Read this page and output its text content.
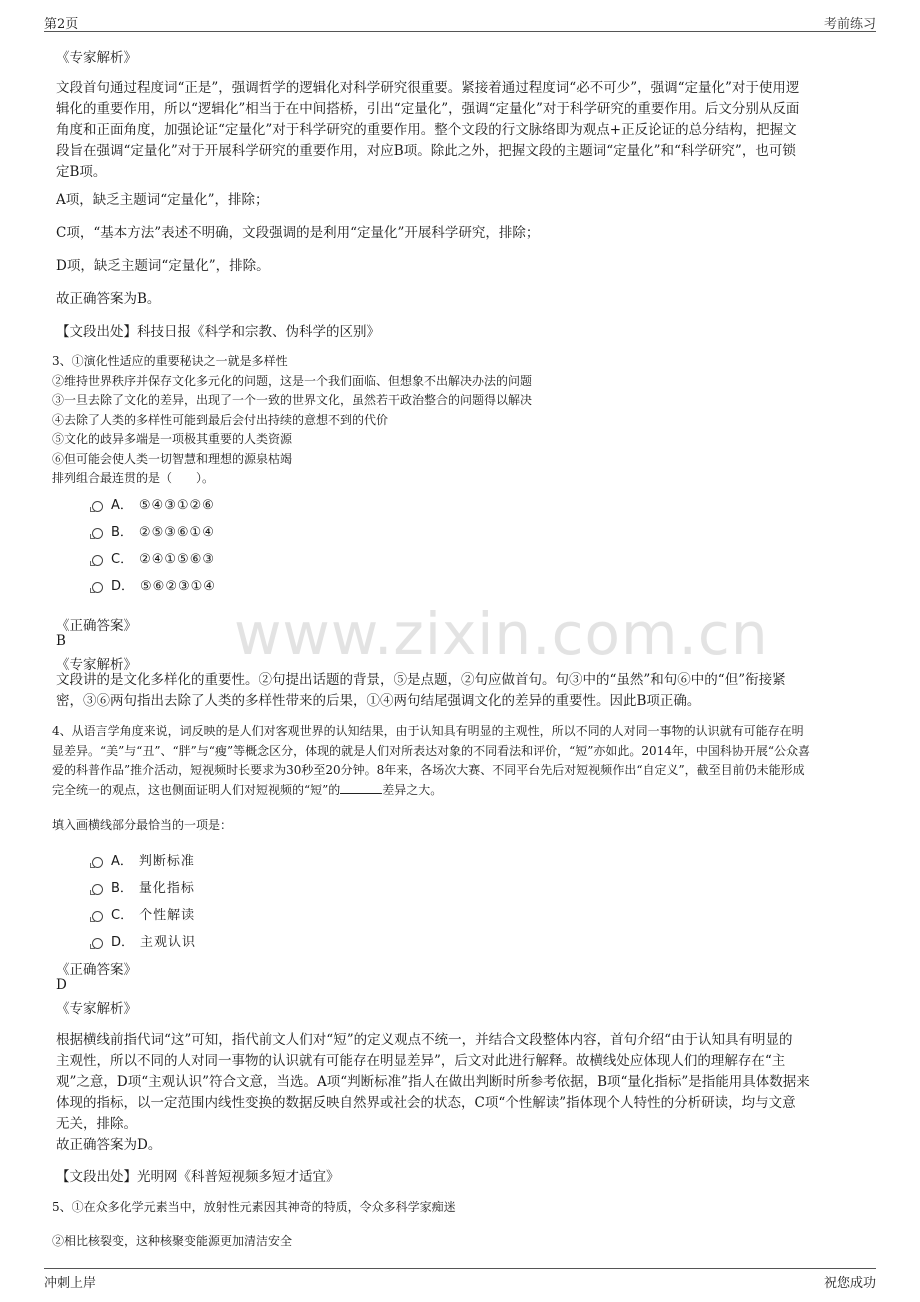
第2页	考前练习
www.zixin.com.cn
《专家解析》
文段首句通过程度词“正是”，强调哲学的逻辑化对科学研究很重要。紧接着通过程度词“必不可少”，强调“定量化”对于使用逻
辑化的重要作用，所以“逻辑化”相当于在中间搭桥，引出“定量化”，强调“定量化”对于科学研究的重要作用。后文分别从反面
角度和正面角度，加强论证“定量化”对于科学研究的重要作用。整个文段的行文脉络即为观点+正反论证的总分结构，把握文
段旨在强调“定量化”对于开展科学研究的重要作用，对应B项。除此之外，把握文段的主题词“定量化”和“科学研究”，也可锁
定B项。
A项，缺乏主题词“定量化”，排除；
C项，“基本方法”表述不明确，文段强调的是利用“定量化”开展科学研究，排除；
D项，缺乏主题词“定量化”，排除。
故正确答案为B。
【文段出处】科技日报《科学和宗教、伪科学的区别》
3、①演化性适应的重要秘诀之一就是多样性
②维持世界秩序并保存文化多元化的问题，这是一个我们面临、但想象不出解决办法的问题
③一旦去除了文化的差异，出现了一个一致的世界文化，虽然若干政治整合的问题得以解决
④去除了人类的多样性可能到最后会付出持续的意想不到的代价
⑤文化的歧异多端是一项极其重要的人类资源
⑥但可能会使人类一切智慧和理想的源泉枯竭
排列组合最连贯的是（　　）。
A． ⑤④③①②⑥
B． ②⑤③⑥①④
C． ②④①⑤⑥③
D． ⑤⑥②③①④
《正确答案》
B
《专家解析》
文段讲的是文化多样化的重要性。②句提出话题的背景，⑤是点题，②句应做首句。句③中的“虽然”和句⑥中的“但”衔接紧
密，③⑥两句指出去除了人类的多样性带来的后果，①④两句结尾强调文化的差异的重要性。因此B项正确。
4、从语言学角度来说，词反映的是人们对客观世界的认知结果，由于认知具有明显的主观性，所以不同的人对同一事物的认识就有可能存在明
显差异。“美”与“丑”、“胖”与“瘦”等概念区分，体现的就是人们对所表达对象的不同看法和评价，“短”亦如此。2014年，中国科协开展“公众喜
爱的科普作品”推介活动，短视频时长要求为30秒至20分钟。8年来，各场次大赛、不同平台先后对短视频作出“自定义”，截至目前仍未能形成
完全统一的观点，这也侧面证明人们对短视频的“短”的	差异之大。
填入画横线部分最恰当的一项是：
A． 判断标准
B． 量化指标
C． 个性解读
D． 主观认识
《正确答案》
D
《专家解析》
根据横线前指代词“这”可知，指代前文人们对“短”的定义观点不统一，并结合文段整体内容，首句介绍“由于认知具有明显的
主观性，所以不同的人对同一事物的认识就有可能存在明显差异”，后文对此进行解释。故横线处应体现人们的理解存在“主
观”之意，D项“主观认识”符合文意，当选。A项“判断标准”指人在做出判断时所参考依据，B项“量化指标”是指能用具体数据来
体现的指标，以一定范围内线性变换的数据反映自然界或社会的状态，C项“个性解读”指体现个人特性的分析研读，均与文意
无关，排除。
故正确答案为D。
【文段出处】光明网《科普短视频多短才适宜》
5、①在众多化学元素当中，放射性元素因其神奇的特质，令众多科学家痴迷
②相比核裂变，这种核聚变能源更加清洁安全
冲刺上岸	祝您成功
